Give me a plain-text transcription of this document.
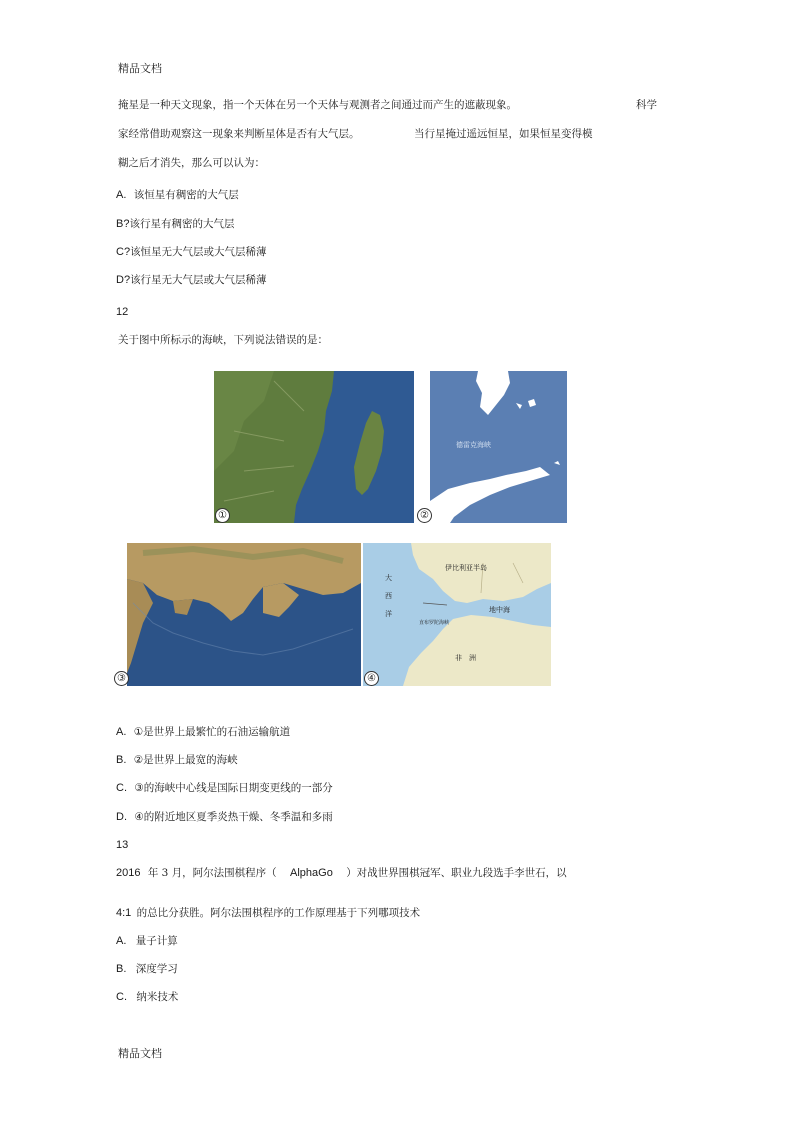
精品文档
掩星是一种天文现象，指一个天体在另一个天体与观测者之间通过而产生的遮蔽现象。	科学
家经常借助观察这一现象来判断星体是否有大气层。	当行星掩过遥远恒星，如果恒星变得模
糊之后才消失，那么可以认为：
A. 该恒星有稠密的大气层
B?该行星有稠密的大气层
C?该恒星无大气层或大气层稀薄
D?该行星无大气层或大气层稀薄
12
关于图中所标示的海峡，下列说法错误的是：
①
德雷克海峡
②
③
伊比利亚半岛
大
西
洋
直布罗陀海峡
地中海
非　洲
④
A. ①是世界上最繁忙的石油运输航道
B. ②是世界上最宽的海峡
C. ③的海峡中心线是国际日期变更线的一部分
D. ④的附近地区夏季炎热干燥、冬季温和多雨
13
2016 年 3 月，阿尔法围棋程序（ AlphaGo ）对战世界围棋冠军、职业九段选手李世石，以
4:1 的总比分获胜。阿尔法围棋程序的工作原理基于下列哪项技术
A. 量子计算
B. 深度学习
C. 纳米技术
精品文档
